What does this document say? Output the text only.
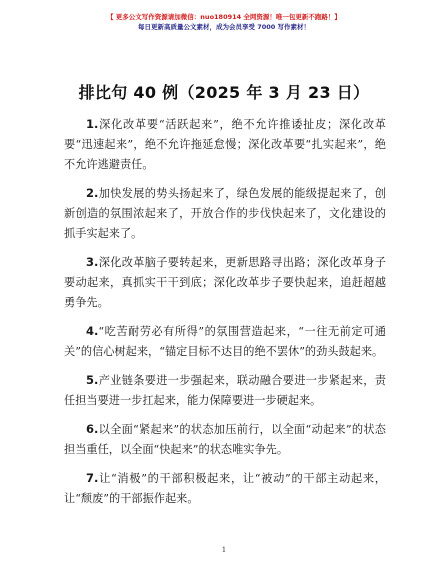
【 更多公文写作资源请加微信：nuo180914 全网资源！唯一包更新不跑路！】
每日更新高质量公文素材，成为会员享受 7000 写作素材！
排比句 40 例（2025 年 3 月 23 日）

1.深化改革要“活跃起来”，绝不允许推诿扯皮；深化改革要“迅速起来”，绝不允许拖延怠慢；深化改革要“扎实起来”，绝不允许逃避责任。

2.加快发展的势头扬起来了，绿色发展的能级提起来了，创新创造的氛围浓起来了，开放合作的步伐快起来了，文化建设的抓手实起来了。

3.深化改革脑子要转起来，更新思路寻出路；深化改革身子要动起来，真抓实干干到底；深化改革步子要快起来，追赶超越勇争先。

4.“吃苦耐劳必有所得”的氛围营造起来，“一往无前定可通关”的信心树起来，“锚定目标不达目的绝不罢休”的劲头鼓起来。

5.产业链条要进一步强起来，联动融合要进一步紧起来，责任担当要进一步扛起来，能力保障要进一步硬起来。

6.以全面“紧起来”的状态加压前行，以全面“动起来”的状态担当重任，以全面“快起来”的状态唯实争先。

7.让“消极”的干部积极起来，让“被动”的干部主动起来，让“颓废”的干部振作起来。

1
